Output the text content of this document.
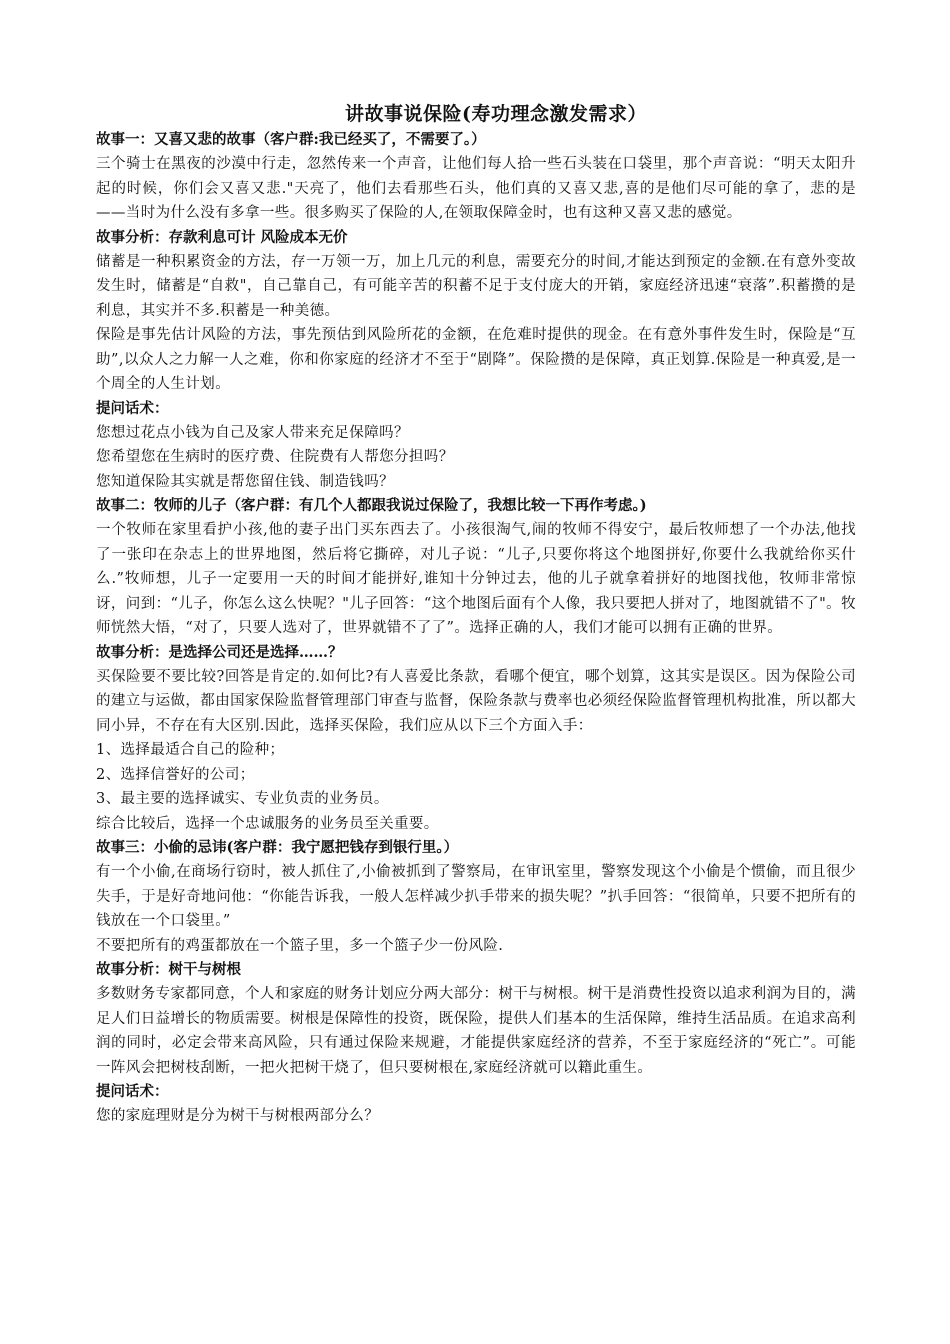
讲故事说保险(寿功理念激发需求）
故事一：又喜又悲的故事（客户群:我已经买了，不需要了。）

三个骑士在黑夜的沙漠中行走，忽然传来一个声音，让他们每人拾一些石头装在口袋里，那个声音说：“明天太阳升起的时候，你们会又喜又悲."天亮了，他们去看那些石头，他们真的又喜又悲,喜的是他们尽可能的拿了，悲的是——当时为什么没有多拿一些。很多购买了保险的人,在领取保障金时，也有这种又喜又悲的感觉。

故事分析：存款利息可计 风险成本无价

储蓄是一种积累资金的方法，存一万领一万，加上几元的利息，需要充分的时间,才能达到预定的金额.在有意外变故发生时，储蓄是“自救"，自己靠自己，有可能辛苦的积蓄不足于支付庞大的开销，家庭经济迅速“衰落”.积蓄攒的是利息，其实并不多.积蓄是一种美德。

保险是事先估计风险的方法，事先预估到风险所花的金额，在危难时提供的现金。在有意外事件发生时，保险是“互助”,以众人之力解一人之难，你和你家庭的经济才不至于“剧降”。保险攒的是保障，真正划算.保险是一种真爱,是一个周全的人生计划。

提问话术：

您想过花点小钱为自己及家人带来充足保障吗？

您希望您在生病时的医疗费、住院费有人帮您分担吗？

您知道保险其实就是帮您留住钱、制造钱吗？

故事二：牧师的儿子（客户群：有几个人都跟我说过保险了，我想比较一下再作考虑。)

一个牧师在家里看护小孩,他的妻子出门买东西去了。小孩很淘气,闹的牧师不得安宁，最后牧师想了一个办法,他找了一张印在杂志上的世界地图，然后将它撕碎，对儿子说：“儿子,只要你将这个地图拼好,你要什么我就给你买什么.”牧师想，儿子一定要用一天的时间才能拼好,谁知十分钟过去，他的儿子就拿着拼好的地图找他，牧师非常惊讶，问到：“儿子，你怎么这么快呢？"儿子回答：“这个地图后面有个人像，我只要把人拼对了，地图就错不了"。牧师恍然大悟，“对了，只要人选对了，世界就错不了了”。选择正确的人，我们才能可以拥有正确的世界。

故事分析：是选择公司还是选择……？

买保险要不要比较?回答是肯定的.如何比?有人喜爱比条款，看哪个便宜，哪个划算，这其实是误区。因为保险公司的建立与运做，都由国家保险监督管理部门审查与监督，保险条款与费率也必须经保险监督管理机构批准，所以都大同小异，不存在有大区别.因此，选择买保险，我们应从以下三个方面入手：

1、选择最适合自己的险种；

2、选择信誉好的公司；

3、最主要的选择诚实、专业负责的业务员。

综合比较后，选择一个忠诚服务的业务员至关重要。

故事三：小偷的忌讳(客户群：我宁愿把钱存到银行里。）

有一个小偷,在商场行窃时，被人抓住了,小偷被抓到了警察局，在审讯室里，警察发现这个小偷是个惯偷，而且很少失手，于是好奇地问他：“你能告诉我，一般人怎样减少扒手带来的损失呢？”扒手回答：“很简单，只要不把所有的钱放在一个口袋里。”

不要把所有的鸡蛋都放在一个篮子里，多一个篮子少一份风险.

故事分析：树干与树根

多数财务专家都同意，个人和家庭的财务计划应分两大部分：树干与树根。树干是消费性投资以追求利润为目的，满足人们日益增长的物质需要。树根是保障性的投资，既保险，提供人们基本的生活保障，维持生活品质。在追求高利润的同时，必定会带来高风险，只有通过保险来规避，才能提供家庭经济的营养，不至于家庭经济的“死亡”。可能一阵风会把树枝刮断，一把火把树干烧了，但只要树根在,家庭经济就可以籍此重生。

提问话术：

您的家庭理财是分为树干与树根两部分么？
